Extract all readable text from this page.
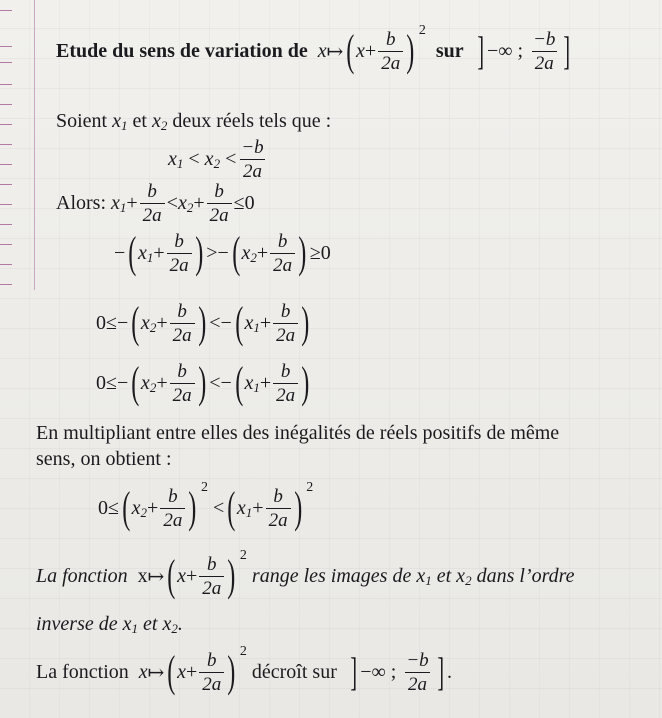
Etude du sens de variation de x ↦ ( $x + \frac{b}{2a}$ ) 2
sur ] −∞ ; $\frac{-b}{2a}$ ]
Soient x 1 et x 2 deux réels tels que :
x 1 < x $2 < \frac{-b}{2a}$
Alors: x $1 + \frac{b}{2a} < x$ $2 + \frac{b}{2a} \le 0$
− ( x $1 + \frac{b}{2a}$ ) > − ( x $2 + \frac{b}{2a}$ ) ≥ 0
0 ≤ − ( x $2 + \frac{b}{2a}$ ) < − ( x $1 + \frac{b}{2a}$ )
0 ≤ − ( x $2 + \frac{b}{2a}$ ) < − ( x $1 + \frac{b}{2a}$ )
En multipliant entre elles des inégalités de réels positifs de même
sens, on obtient :
0 ≤ ( x $2 + \frac{b}{2a}$ ) 2
< ( x $1 + \frac{b}{2a}$ ) 2
La fonction x ↦ ( $x + \frac{b}{2a}$ ) 2
range les images de x 1 et x 2 dans l’ordre
inverse de x 1 et x 2 .
La fonction x ↦ ( $x + \frac{b}{2a}$ ) 2
décroît sur ] −∞ ; $\frac{-b}{2a}$ ] .
